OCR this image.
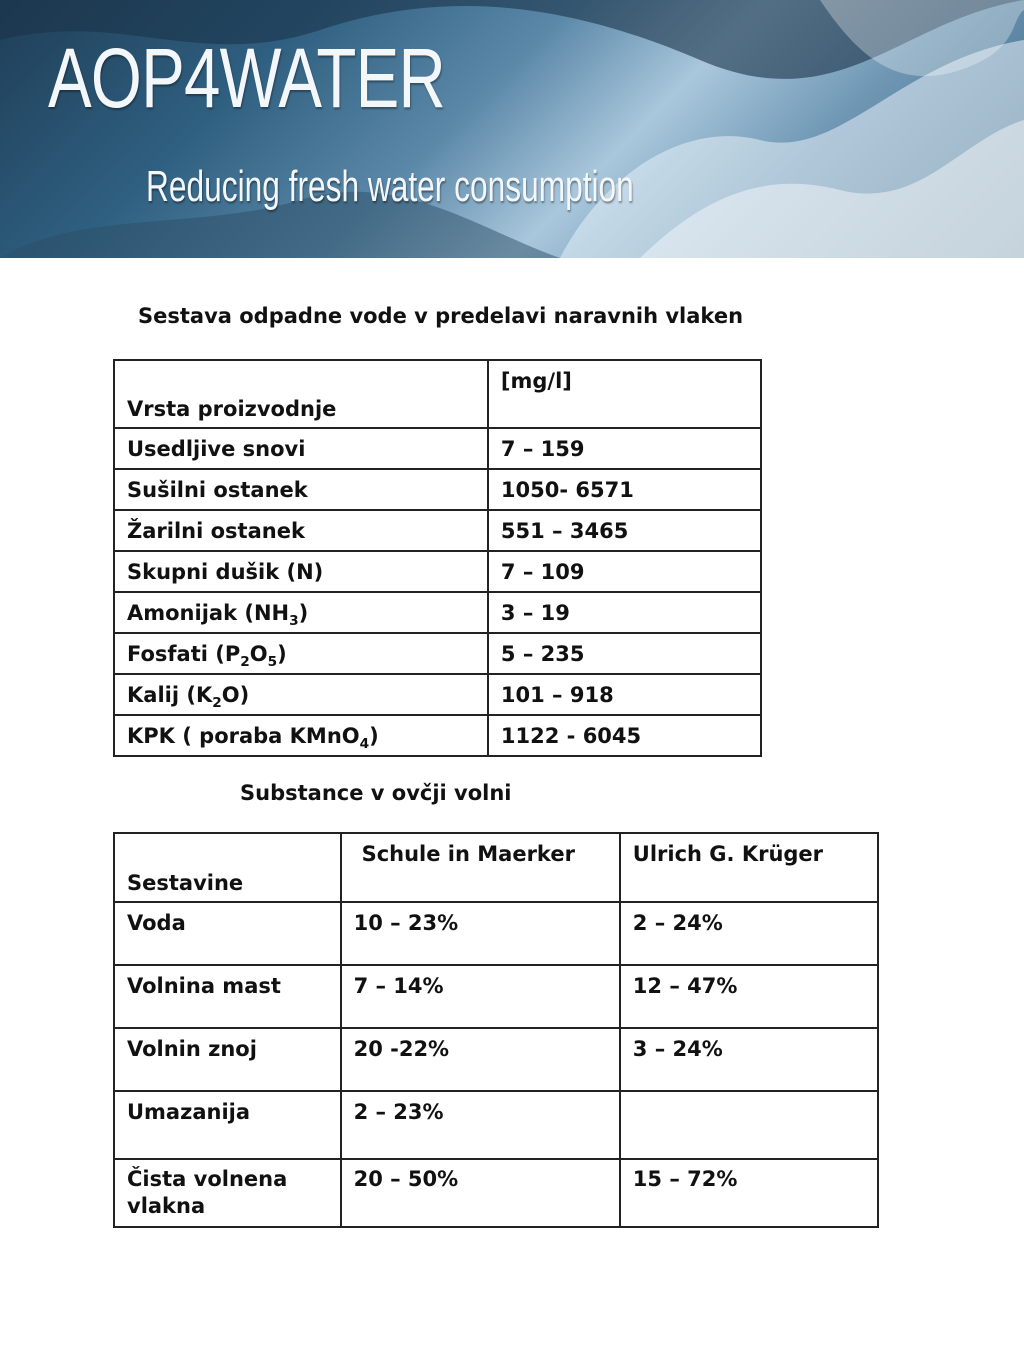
AOP4WATER
Reducing fresh water consumption
Sestava odpadne vode v predelavi naravnih vlaken
Vrsta proizvodnje	[mg/l]
Usedljive snovi	7 – 159
Sušilni ostanek	1050- 6571
Žarilni ostanek	551 – 3465
Skupni dušik (N)	7 – 109
Amonijak $(NH_3)$	3 – 19
Fosfati $(P_2O_5)$	5 – 235
Kalij $(K_2O)$	101 – 918
KPK ( poraba KMnO$_4$)	1122 - 6045
Substance v ovčji volni
Sestavine	Schule in Maerker	Ulrich G. Krüger
Voda	10 – 23%	2 – 24%
Volnina mast	7 – 14%	12 – 47%
Volnin znoj	20 -22%	3 – 24%
Umazanija	2 – 23%	
Čista volnena vlakna	20 – 50%	15 – 72%
